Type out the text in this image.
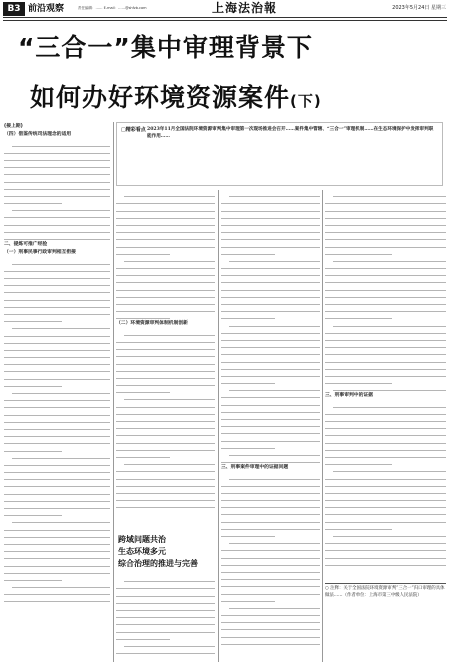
B3 前沿观察	责任编辑：…… E-mail：……@shfzb.com	上海法治報	2023年5月24日 星期三
“三合一”集中审理背景下
如何办好环境资源案件(下)
□精彩看点 2023年11月全国法院环境资源审判集中审理第一次现场推进会召开……案件集中管辖、“三合一”审理机制……在生态环境保护中发挥审判职能作用……
(接上期)
（四）借鉴传统司法理念的适用
二、提炼可推广经验
（一）刑事民事行政审判相互衔接
（二）环境资源审判体制机制创新
跨域问题共治
生态环境多元
综合治理的推进与完善
三、刑事案件审理中的证据问题
三、刑事审判中的证据
○ 注释：关于全国法院环境资源审判“三合一”归口审理的具体做法……（作者单位：上海市第三中级人民法院）
